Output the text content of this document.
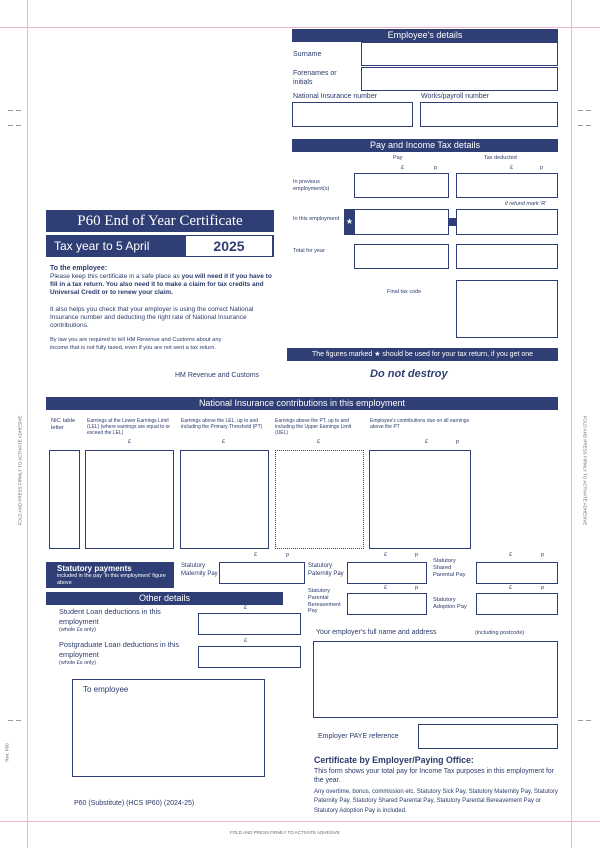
FOLD AND PRESS FIRMLY TO ACTIVATE ADHESIVE
FOLD AND PRESS FIRMLY TO ACTIVATE ADHESIVE	FOLD AND PRESS FIRMLY TO ACTIVATE ADHESIVE
Rev. P60
Employee's details
Surname
Forenames or initials
National Insurance number	Works/payroll number
Pay and Income Tax details
Pay	Tax deducted
£	p	£	p
In previous employment(s)
if refund mark 'R'
In this employment ★
Total for year
Final tax code
P60 End of Year Certificate
Tax year to 5 April	2025
To the employee:
Please keep this certificate in a safe place as you will need it if you have to fill in a tax return. You also need it to make a claim for tax credits and Universal Credit or to renew your claim.
It also helps you check that your employer is using the correct National Insurance number and deducting the right rate of National Insurance contributions.
By law you are required to tell HM Revenue and Customs about any income that is not fully taxed, even if you are not sent a tax return.
HM Revenue and Customs	Do not destroy
The figures marked ★ should be used for your tax return, if you get one
National Insurance contributions in this employment
NIC table letter
Earnings at the Lower Earnings Limit (LEL) (where earnings are equal to or exceed the LEL)
Earnings above the LEL, up to and including the Primary Threshold (PT)
Earnings above the PT, up to and including the Upper Earnings Limit (UEL)
Employee's contributions due on all earnings above the PT
£	£	£	£	p
£	p	£	p	£	p
Statutory payments
included in the pay 'In this employment' figure above
Statutory Maternity Pay
Statutory Paternity Pay
Statutory Shared Parental Pay
£	p	£	p
Statutory Parental Bereavement Pay
Statutory Adoption Pay
Other details
Student Loan deductions in this employment
(whole £s only)
£
Postgraduate Loan deductions in this employment
(whole £s only)
£
Your employer's full name and address	(including postcode)
Employer PAYE reference
To employee
Certificate by Employer/Paying Office:
This form shows your total pay for Income Tax purposes in this employment for the year.
Any overtime, bonus, commission etc, Statutory Sick Pay, Statutory Maternity Pay, Statutory Paternity Pay, Statutory Shared Parental Pay, Statutory Parental Bereavement Pay or Statutory Adoption Pay is included.
P60 (Substitute) (HCS IP60) (2024-25)
